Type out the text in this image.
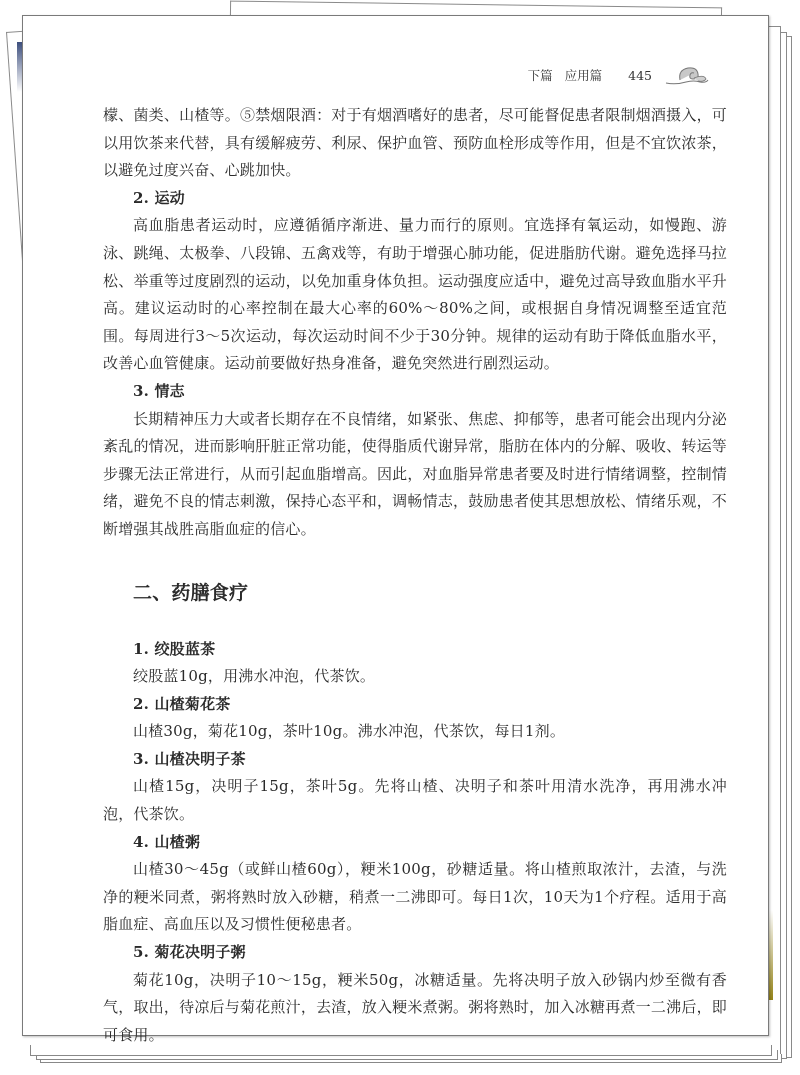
下篇 应用篇 445

檬、菌类、山楂等。⑤禁烟限酒：对于有烟酒嗜好的患者，尽可能督促患者限制烟酒摄入，可以用饮茶来代替，具有缓解疲劳、利尿、保护血管、预防血栓形成等作用，但是不宜饮浓茶，以避免过度兴奋、心跳加快。

2. 运动

高血脂患者运动时，应遵循循序渐进、量力而行的原则。宜选择有氧运动，如慢跑、游泳、跳绳、太极拳、八段锦、五禽戏等，有助于增强心肺功能，促进脂肪代谢。避免选择马拉松、举重等过度剧烈的运动，以免加重身体负担。运动强度应适中，避免过高导致血脂水平升高。建议运动时的心率控制在最大心率的60%～80%之间，或根据自身情况调整至适宜范围。每周进行3～5次运动，每次运动时间不少于30分钟。规律的运动有助于降低血脂水平，改善心血管健康。运动前要做好热身准备，避免突然进行剧烈运动。

3. 情志

长期精神压力大或者长期存在不良情绪，如紧张、焦虑、抑郁等，患者可能会出现内分泌紊乱的情况，进而影响肝脏正常功能，使得脂质代谢异常，脂肪在体内的分解、吸收、转运等步骤无法正常进行，从而引起血脂增高。因此，对血脂异常患者要及时进行情绪调整，控制情绪，避免不良的情志刺激，保持心态平和，调畅情志，鼓励患者使其思想放松、情绪乐观，不断增强其战胜高脂血症的信心。

二、药膳食疗

1. 绞股蓝茶

绞股蓝10g，用沸水冲泡，代茶饮。

2. 山楂菊花茶

山楂30g，菊花10g，茶叶10g。沸水冲泡，代茶饮，每日1剂。

3. 山楂决明子茶

山楂15g，决明子15g，茶叶5g。先将山楂、决明子和茶叶用清水洗净，再用沸水冲泡，代茶饮。

4. 山楂粥

山楂30～45g（或鲜山楂60g），粳米100g，砂糖适量。将山楂煎取浓汁，去渣，与洗净的粳米同煮，粥将熟时放入砂糖，稍煮一二沸即可。每日1次，10天为1个疗程。适用于高脂血症、高血压以及习惯性便秘患者。

5. 菊花决明子粥

菊花10g，决明子10～15g，粳米50g，冰糖适量。先将决明子放入砂锅内炒至微有香气，取出，待凉后与菊花煎汁，去渣，放入粳米煮粥。粥将熟时，加入冰糖再煮一二沸后，即可食用。
